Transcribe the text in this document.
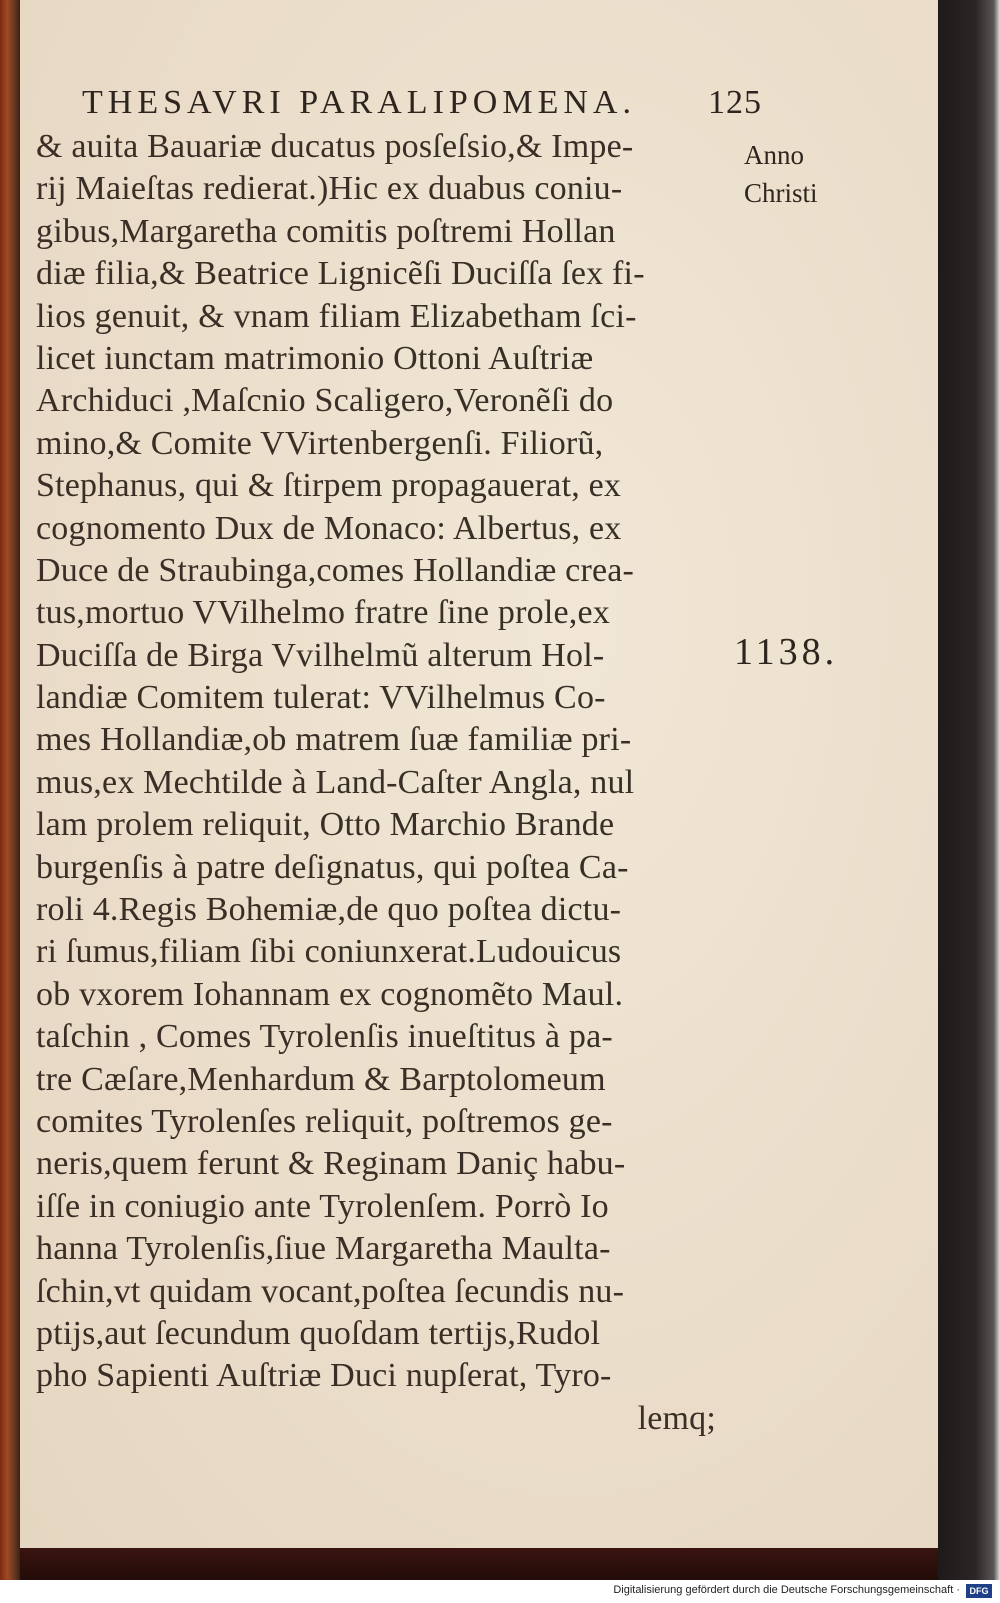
THESAVRI PARALIPOMENA. 125
& auita Bauariæ ducatus posſeſsio,& Impe-
rij Maieſtas redierat.)Hic ex duabus coniu-
gibus,Margaretha comitis poſtremi Hollan
diæ filia,& Beatrice Lignicẽſi Duciſſa ſex fi-
lios genuit, & vnam filiam Elizabetham ſci-
licet iunctam matrimonio Ottoni Auſtriæ
Archiduci ,Maſcnio Scaligero,Veronẽſi do
mino,& Comite VVirtenbergenſi. Filiorũ,
Stephanus, qui & ſtirpem propagauerat, ex
cognomento Dux de Monaco: Albertus, ex
Duce de Straubinga,comes Hollandiæ crea-
tus,mortuo VVilhelmo fratre ſine prole,ex
Duciſſa de Birga Vvilhelmũ alterum Hol-
landiæ Comitem tulerat: VVilhelmus Co-
mes Hollandiæ,ob matrem ſuæ familiæ pri-
mus,ex Mechtilde à Land-Caſter Angla, nul
lam prolem reliquit, Otto Marchio Brande
burgenſis à patre deſignatus, qui poſtea Ca-
roli 4.Regis Bohemiæ,de quo poſtea dictu-
ri ſumus,filiam ſibi coniunxerat.Ludouicus
ob vxorem Iohannam ex cognomẽto Maul.
taſchin , Comes Tyrolenſis inueſtitus à pa-
tre Cæſare,Menhardum & Barptolomeum
comites Tyrolenſes reliquit, poſtremos ge-
neris,quem ferunt & Reginam Daniç habu-
iſſe in coniugio ante Tyrolenſem. Porrò Io
hanna Tyrolenſis,ſiue Margaretha Maulta-
ſchin,vt quidam vocant,poſtea ſecundis nu-
ptijs,aut ſecundum quoſdam tertijs,Rudol
pho Sapienti Auſtriæ Duci nupſerat, Tyro-
lemq;
Anno
Christi
1138.
Digitalisierung gefördert durch die Deutsche Forschungsgemeinschaft ·	DFG
